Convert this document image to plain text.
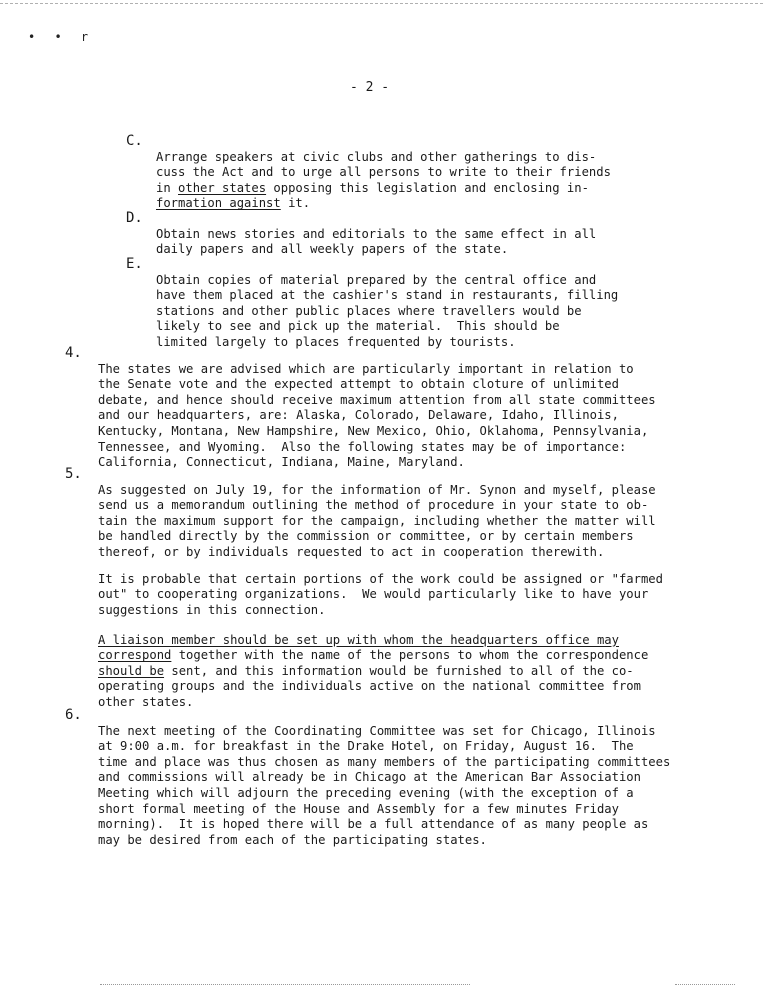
• • r
- 2 -
C.

Arrange speakers at civic clubs and other gatherings to dis-
cuss the Act and to urge all persons to write to their friends
in other states opposing this legislation and enclosing in-
formation against it.

D.

Obtain news stories and editorials to the same effect in all
daily papers and all weekly papers of the state.

E.

Obtain copies of material prepared by the central office and
have them placed at the cashier's stand in restaurants, filling
stations and other public places where travellers would be
likely to see and pick up the material.  This should be
limited largely to places frequented by tourists.

4.

The states we are advised which are particularly important in relation to
the Senate vote and the expected attempt to obtain cloture of unlimited
debate, and hence should receive maximum attention from all state committees
and our headquarters, are: Alaska, Colorado, Delaware, Idaho, Illinois,
Kentucky, Montana, New Hampshire, New Mexico, Ohio, Oklahoma, Pennsylvania,
Tennessee, and Wyoming.  Also the following states may be of importance:
California, Connecticut, Indiana, Maine, Maryland.

5.

As suggested on July 19, for the information of Mr. Synon and myself, please
send us a memorandum outlining the method of procedure in your state to ob-
tain the maximum support for the campaign, including whether the matter will
be handled directly by the commission or committee, or by certain members
thereof, or by individuals requested to act in cooperation therewith.

It is probable that certain portions of the work could be assigned or "farmed
out" to cooperating organizations.  We would particularly like to have your
suggestions in this connection.

A liaison member should be set up with whom the headquarters office may
correspond together with the name of the persons to whom the correspondence
should be sent, and this information would be furnished to all of the co-
operating groups and the individuals active on the national committee from
other states.

6.

The next meeting of the Coordinating Committee was set for Chicago, Illinois
at 9:00 a.m. for breakfast in the Drake Hotel, on Friday, August 16.  The
time and place was thus chosen as many members of the participating committees
and commissions will already be in Chicago at the American Bar Association
Meeting which will adjourn the preceding evening (with the exception of a
short formal meeting of the House and Assembly for a few minutes Friday
morning).  It is hoped there will be a full attendance of as many people as
may be desired from each of the participating states.
